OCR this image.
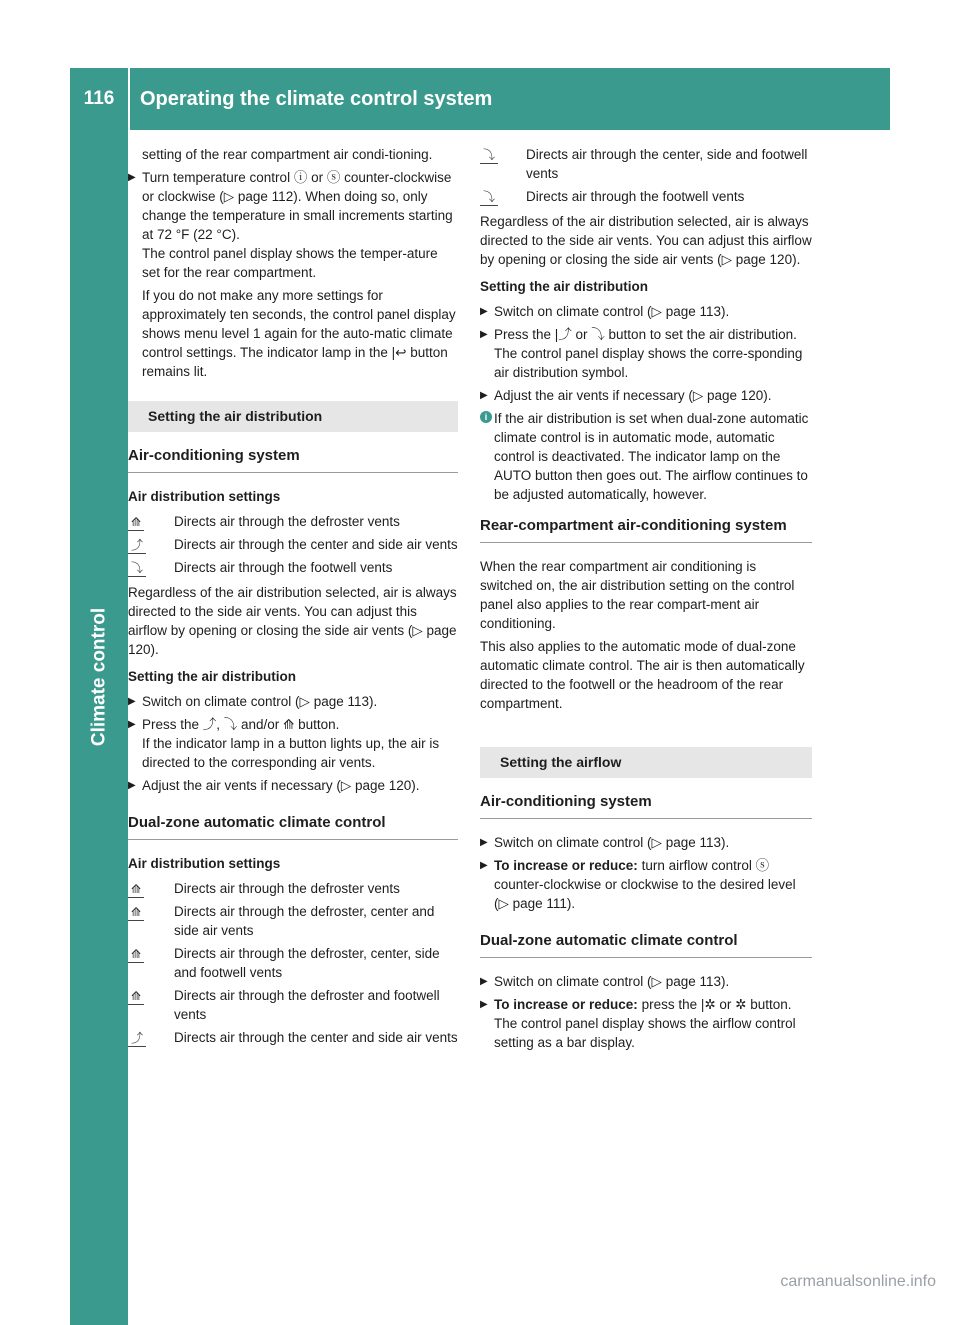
116	Operating the climate control system
Climate control

setting of the rear compartment air condi-tioning.

▶ Turn temperature control ⓘ or ⓢ counter-clockwise or clockwise (▷ page 112). When doing so, only change the temperature in small increments starting at 72 °F (22 °C).
The control panel display shows the temper-ature set for the rear compartment.

If you do not make any more settings for approximately ten seconds, the control panel display shows menu level 1 again for the auto-matic climate control settings. The indicator lamp in the |↩ button remains lit.

Setting the air distribution
Air-conditioning system
Air distribution settings
⟰	Directs air through the defroster vents
⤴	Directs air through the center and side air vents
⤵	Directs air through the footwell vents

Regardless of the air distribution selected, air is always directed to the side air vents. You can adjust this airflow by opening or closing the side air vents (▷ page 120).

Setting the air distribution
▶ Switch on climate control (▷ page 113).
▶ Press the ⤴, ⤵ and/or ⟰ button.
If the indicator lamp in a button lights up, the air is directed to the corresponding air vents.
▶ Adjust the air vents if necessary (▷ page 120).
Dual-zone automatic climate control
Air distribution settings
⟰	Directs air through the defroster vents
⟰	Directs air through the defroster, center and side air vents
⟰	Directs air through the defroster, center, side and footwell vents
⟰	Directs air through the defroster and footwell vents
⤴	Directs air through the center and side air vents
⤵	Directs air through the center, side and footwell vents
⤵	Directs air through the footwell vents

Regardless of the air distribution selected, air is always directed to the side air vents. You can adjust this airflow by opening or closing the side air vents (▷ page 120).

Setting the air distribution
▶ Switch on climate control (▷ page 113).
▶ Press the |⤴ or ⤵ button to set the air distribution.
The control panel display shows the corre-sponding air distribution symbol.
▶ Adjust the air vents if necessary (▷ page 120).
i If the air distribution is set when dual-zone automatic climate control is in automatic mode, automatic control is deactivated. The indicator lamp on the AUTO button then goes out. The airflow continues to be adjusted automatically, however.
Rear-compartment air-conditioning system

When the rear compartment air conditioning is switched on, the air distribution setting on the control panel also applies to the rear compart-ment air conditioning.

This also applies to the automatic mode of dual-zone automatic climate control. The air is then automatically directed to the footwell or the headroom of the rear compartment.

Setting the airflow
Air-conditioning system
▶ Switch on climate control (▷ page 113).
▶ To increase or reduce: turn airflow control ⓢ counter-clockwise or clockwise to the desired level (▷ page 111).
Dual-zone automatic climate control
▶ Switch on climate control (▷ page 113).
▶ To increase or reduce: press the |✲ or ✲ button.
The control panel display shows the airflow control setting as a bar display.
carmanualsonline.info
